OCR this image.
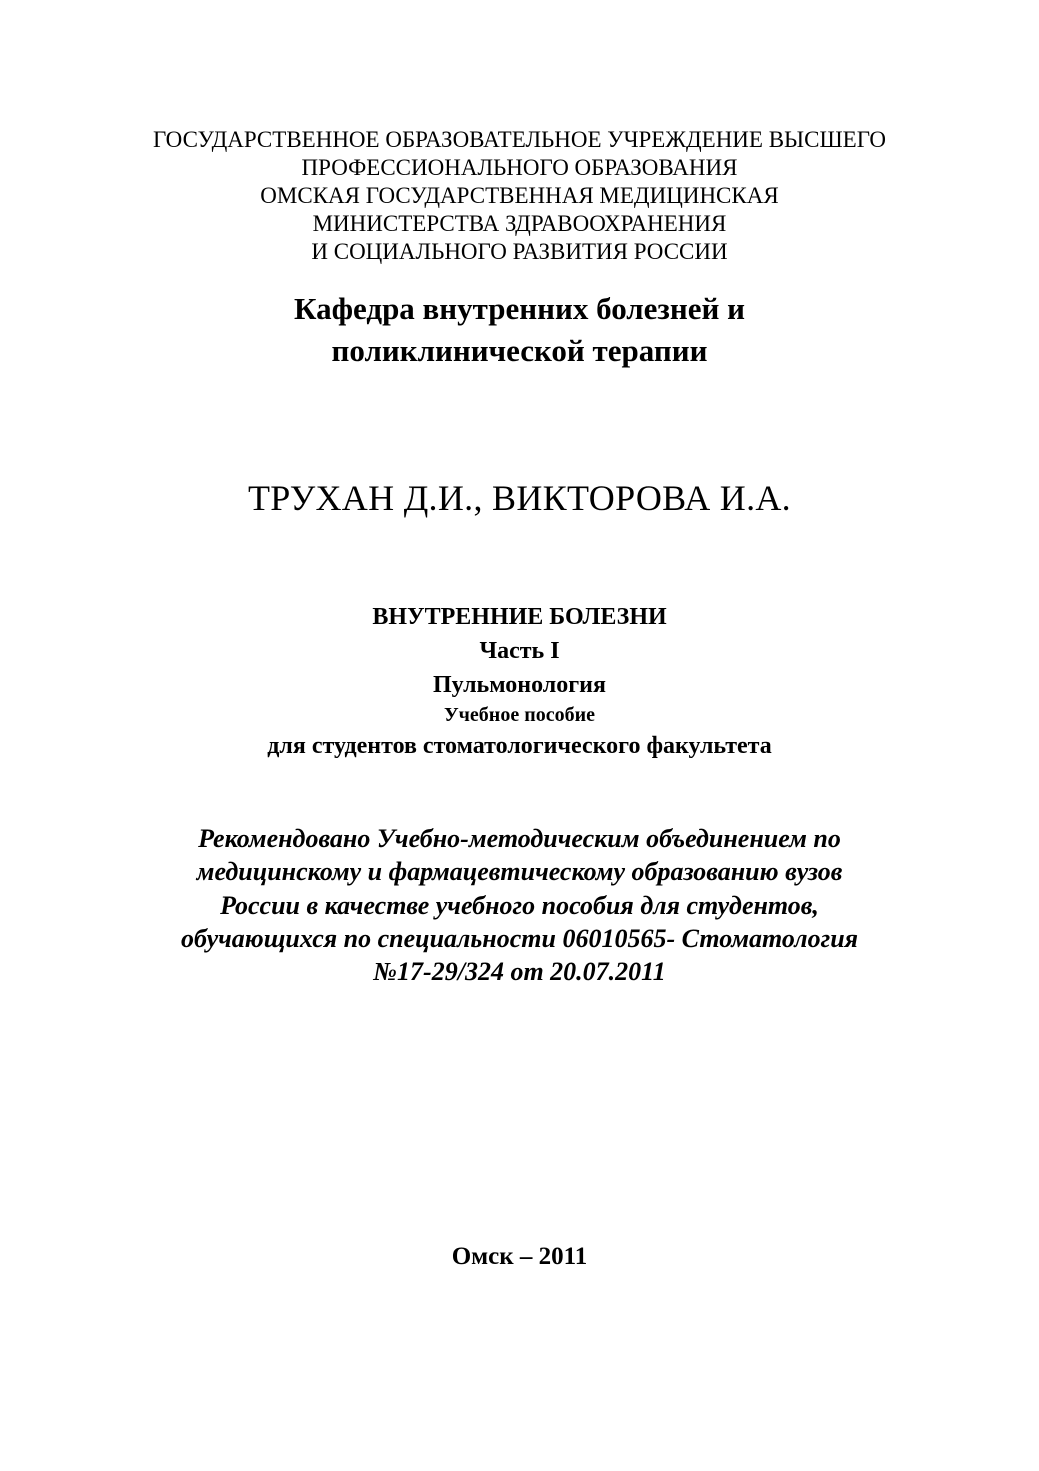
ГОСУДАРСТВЕННОЕ ОБРАЗОВАТЕЛЬНОЕ УЧРЕЖДЕНИЕ ВЫСШЕГО

ПРОФЕССИОНАЛЬНОГО ОБРАЗОВАНИЯ

ОМСКАЯ ГОСУДАРСТВЕННАЯ МЕДИЦИНСКАЯ

МИНИСТЕРСТВА ЗДРАВООХРАНЕНИЯ

И СОЦИАЛЬНОГО РАЗВИТИЯ РОССИИ

Кафедра внутренних болезней и

поликлинической терапии

ТРУХАН Д.И., ВИКТОРОВА И.А.

ВНУТРЕННИЕ БОЛЕЗНИ

Часть I

Пульмонология

Учебное пособие

для студентов стоматологического факультета

Рекомендовано Учебно-методическим объединением по

медицинскому и фармацевтическому образованию вузов

России в качестве учебного пособия для студентов,

обучающихся по специальности 06010565- Стоматология

№17-29/324 от 20.07.2011

Омск – 2011
